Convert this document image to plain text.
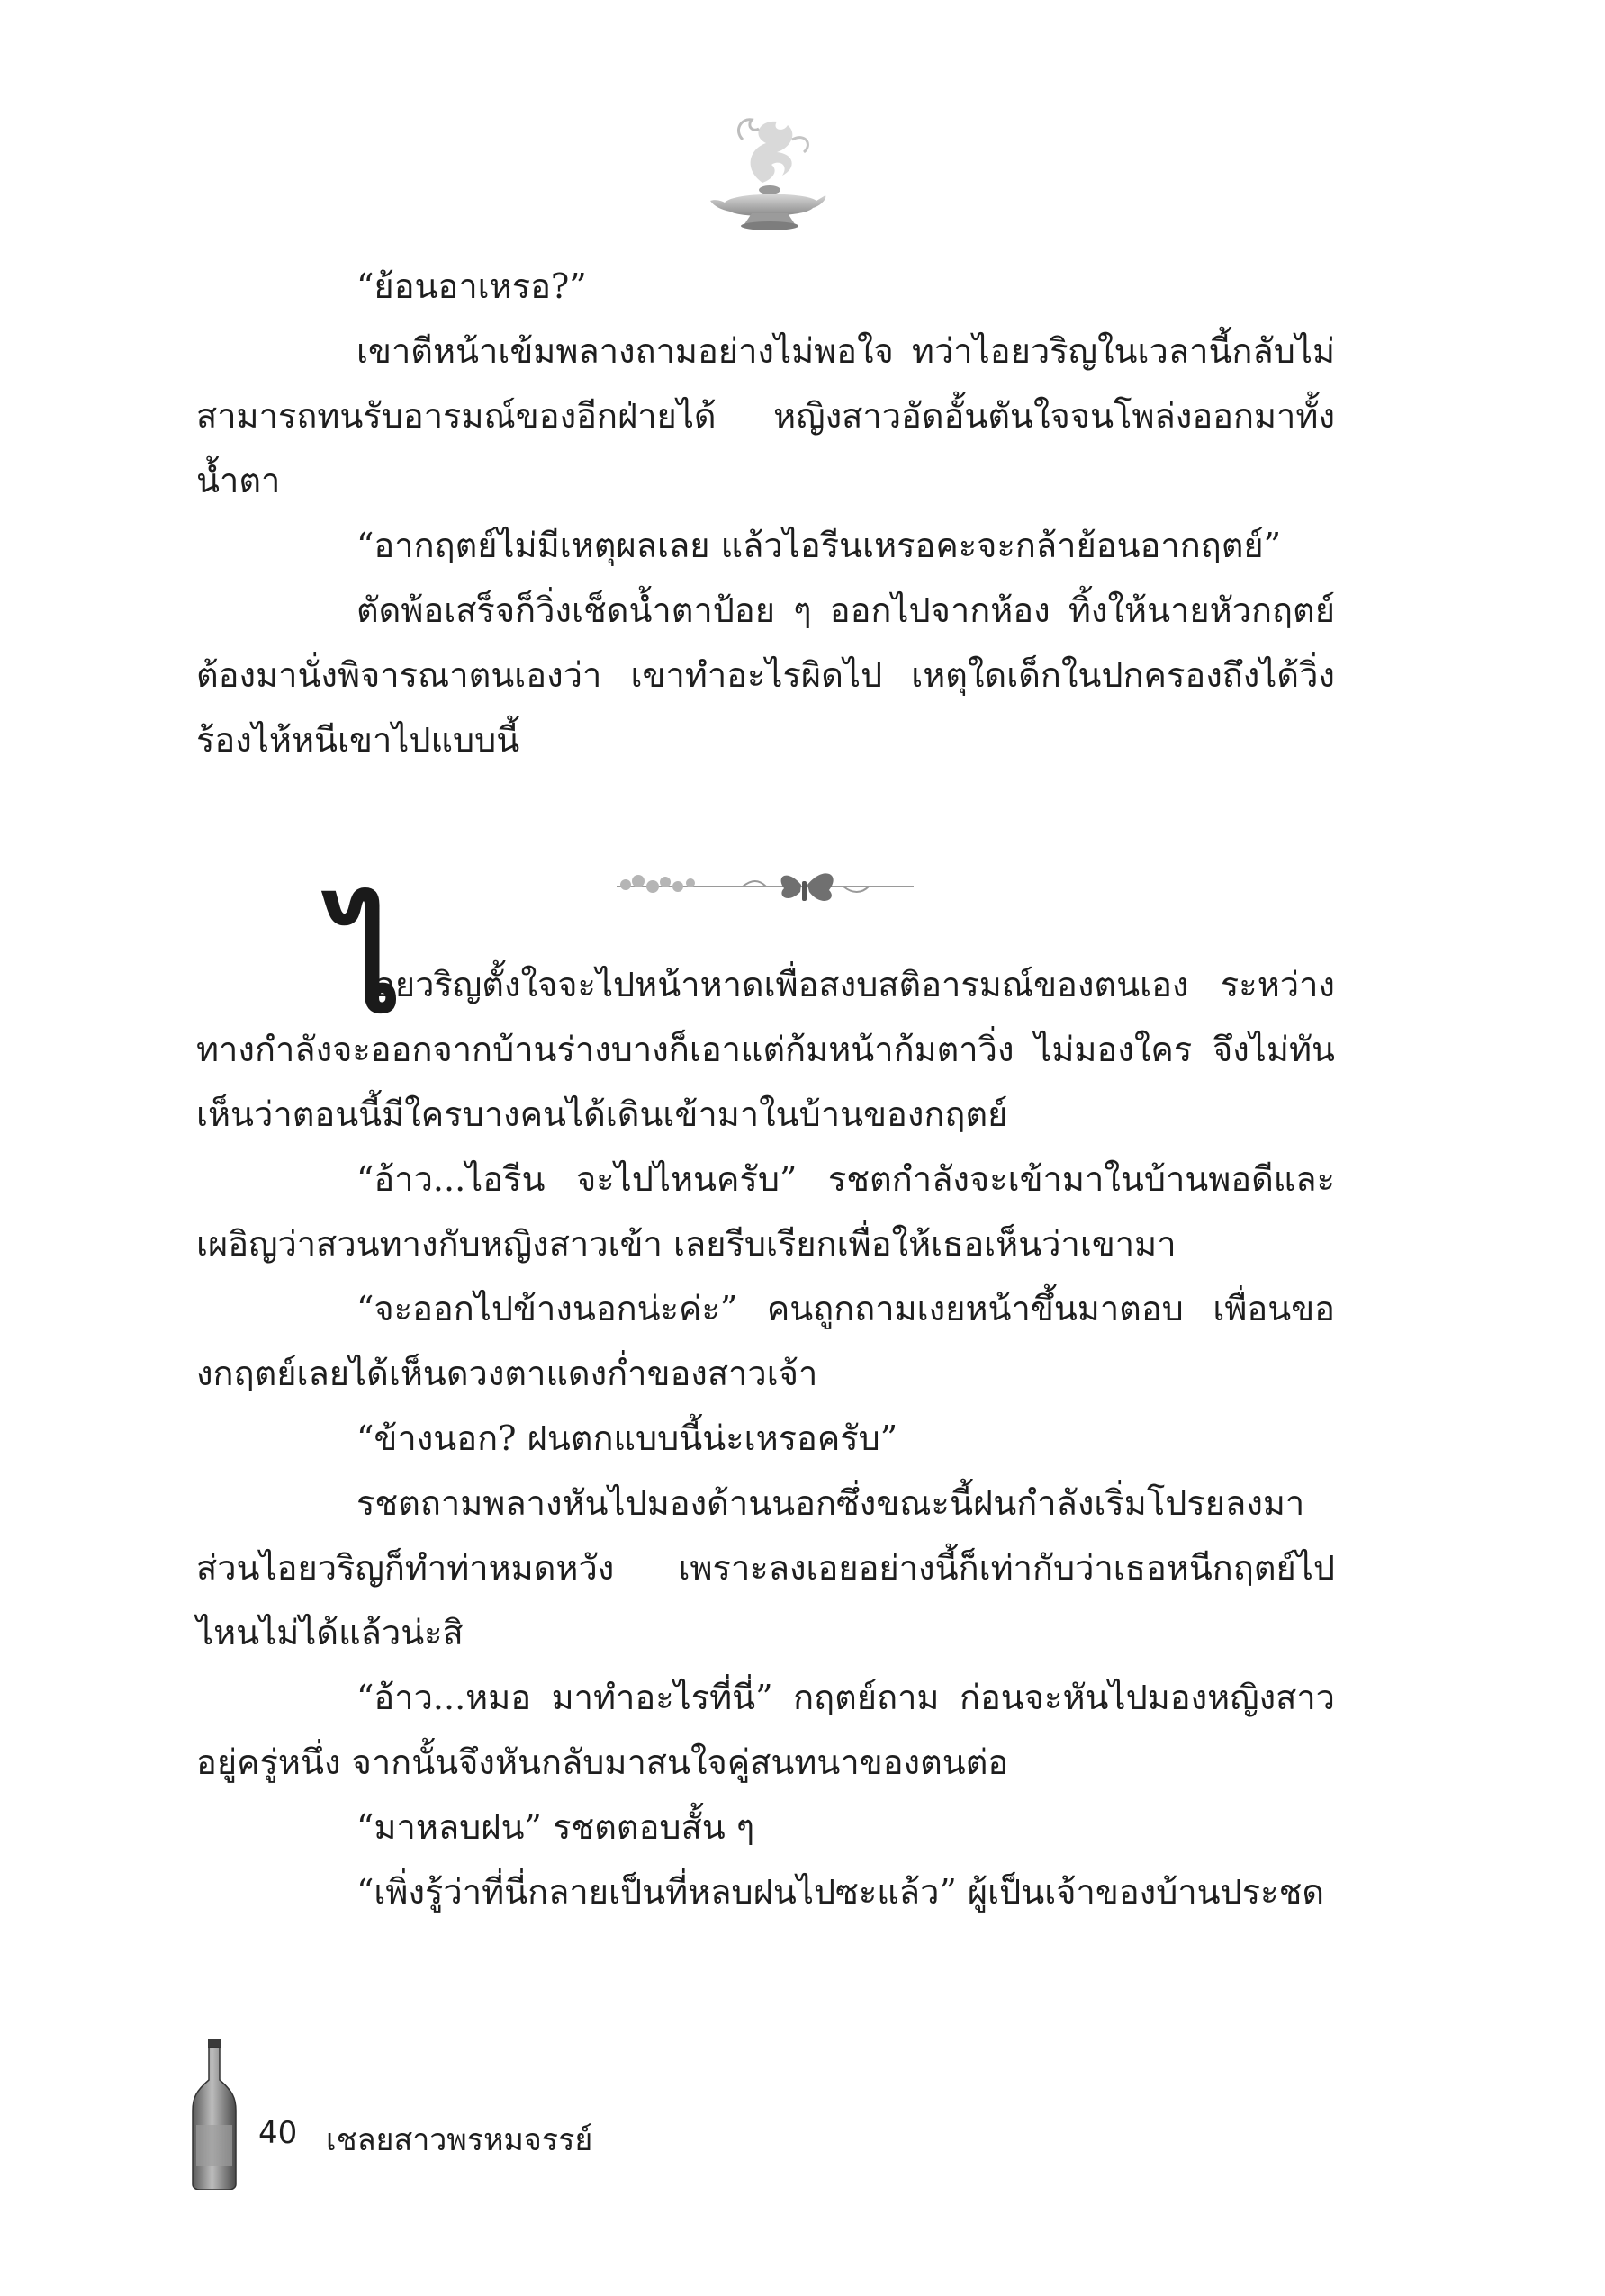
“ย้อนอาเหรอ?”

เขาตีหน้าเข้มพลางถามอย่างไม่พอใจ ทว่าไอยวริญในเวลานี้กลับไม่สามารถทนรับอารมณ์ของอีกฝ่ายได้ หญิงสาวอัดอั้นตันใจจนโพล่งออกมาทั้งน้ำตา

“อากฤตย์ไม่มีเหตุผลเลย แล้วไอรีนเหรอคะจะกล้าย้อนอากฤตย์”

ตัดพ้อเสร็จก็วิ่งเช็ดน้ำตาป้อย ๆ ออกไปจากห้อง ทิ้งให้นายหัวกฤตย์ต้องมานั่งพิจารณาตนเองว่า เขาทำอะไรผิดไป เหตุใดเด็กในปกครองถึงได้วิ่งร้องไห้หนีเขาไปแบบนี้

ไ

อยวริญตั้งใจจะไปหน้าหาดเพื่อสงบสติอารมณ์ของตนเอง ระหว่างทางกำลังจะออกจากบ้านร่างบางก็เอาแต่ก้มหน้าก้มตาวิ่ง ไม่มองใคร จึงไม่ทันเห็นว่าตอนนี้มีใครบางคนได้เดินเข้ามาในบ้านของกฤตย์

“อ้าว...ไอรีน จะไปไหนครับ” รชตกำลังจะเข้ามาในบ้านพอดีและเผอิญว่าสวนทางกับหญิงสาวเข้า เลยรีบเรียกเพื่อให้เธอเห็นว่าเขามา

“จะออกไปข้างนอกน่ะค่ะ” คนถูกถามเงยหน้าขึ้นมาตอบ เพื่อนของกฤตย์เลยได้เห็นดวงตาแดงก่ำของสาวเจ้า

“ข้างนอก? ฝนตกแบบนี้น่ะเหรอครับ”

รชตถามพลางหันไปมองด้านนอกซึ่งขณะนี้ฝนกำลังเริ่มโปรยลงมา ส่วนไอยวริญก็ทำท่าหมดหวัง เพราะลงเอยอย่างนี้ก็เท่ากับว่าเธอหนีกฤตย์ไปไหนไม่ได้แล้วน่ะสิ

“อ้าว...หมอ มาทำอะไรที่นี่” กฤตย์ถาม ก่อนจะหันไปมองหญิงสาวอยู่ครู่หนึ่ง จากนั้นจึงหันกลับมาสนใจคู่สนทนาของตนต่อ

“มาหลบฝน” รชตตอบสั้น ๆ

“เพิ่งรู้ว่าที่นี่กลายเป็นที่หลบฝนไปซะแล้ว” ผู้เป็นเจ้าของบ้านประชด

40 เชลยสาวพรหมจรรย์
